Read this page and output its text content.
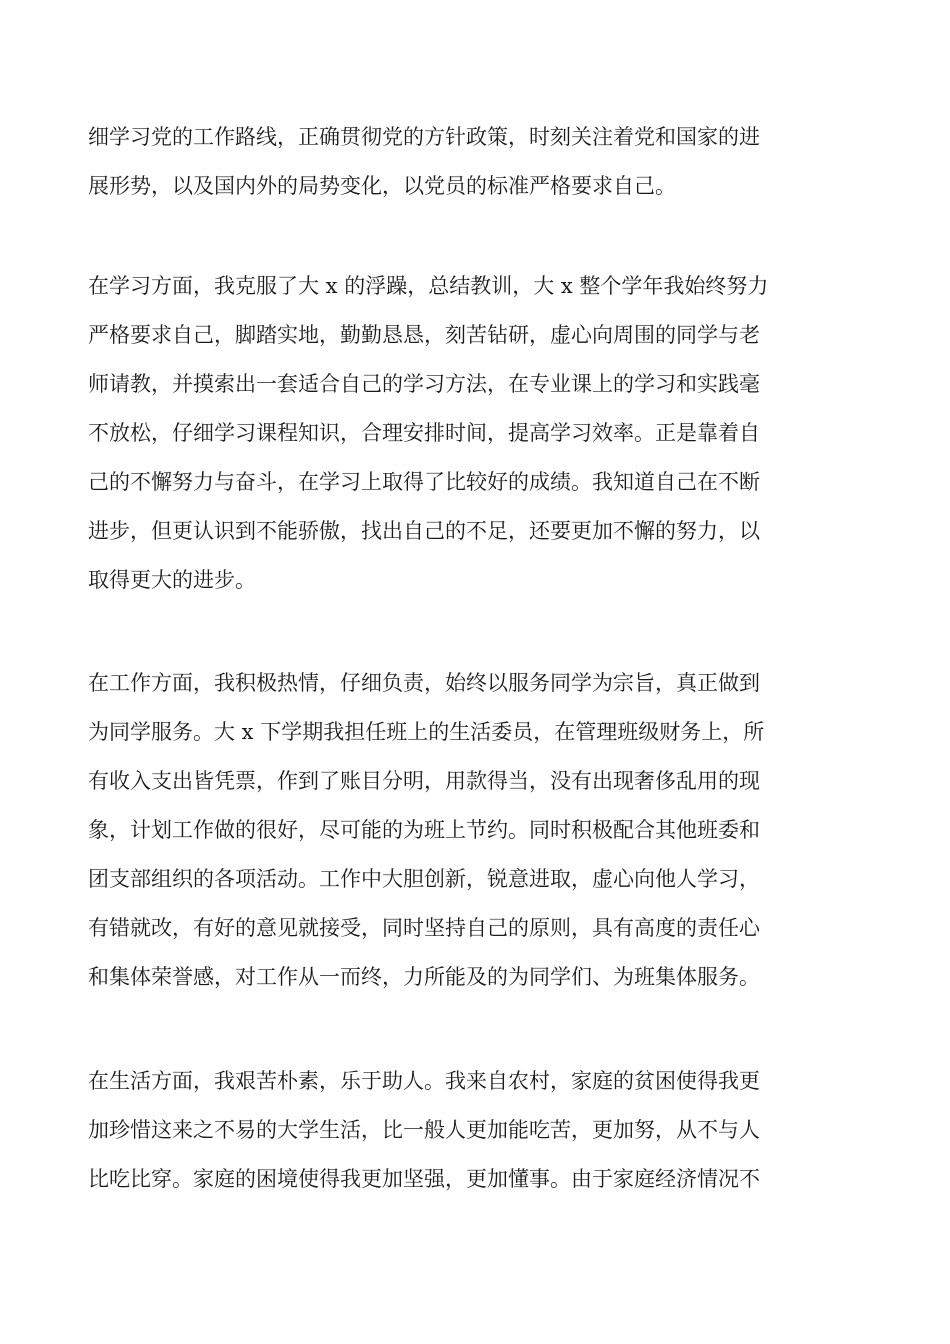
细学习党的工作路线，正确贯彻党的方针政策，时刻关注着党和国家的进
展形势，以及国内外的局势变化，以党员的标准严格要求自己。

在学习方面，我克服了大 x 的浮躁，总结教训，大 x 整个学年我始终努力
严格要求自己，脚踏实地，勤勤恳恳，刻苦钻研，虚心向周围的同学与老
师请教，并摸索出一套适合自己的学习方法，在专业课上的学习和实践毫
不放松，仔细学习课程知识，合理安排时间，提高学习效率。正是靠着自
己的不懈努力与奋斗，在学习上取得了比较好的成绩。我知道自己在不断
进步，但更认识到不能骄傲，找出自己的不足，还要更加不懈的努力，以
取得更大的进步。

在工作方面，我积极热情，仔细负责，始终以服务同学为宗旨，真正做到
为同学服务。大 x 下学期我担任班上的生活委员，在管理班级财务上，所
有收入支出皆凭票，作到了账目分明，用款得当，没有出现奢侈乱用的现
象，计划工作做的很好，尽可能的为班上节约。同时积极配合其他班委和
团支部组织的各项活动。工作中大胆创新，锐意进取，虚心向他人学习，
有错就改，有好的意见就接受，同时坚持自己的原则，具有高度的责任心
和集体荣誉感，对工作从一而终，力所能及的为同学们、为班集体服务。

在生活方面，我艰苦朴素，乐于助人。我来自农村，家庭的贫困使得我更
加珍惜这来之不易的大学生活，比一般人更加能吃苦，更加努，从不与人
比吃比穿。家庭的困境使得我更加坚强，更加懂事。由于家庭经济情况不
